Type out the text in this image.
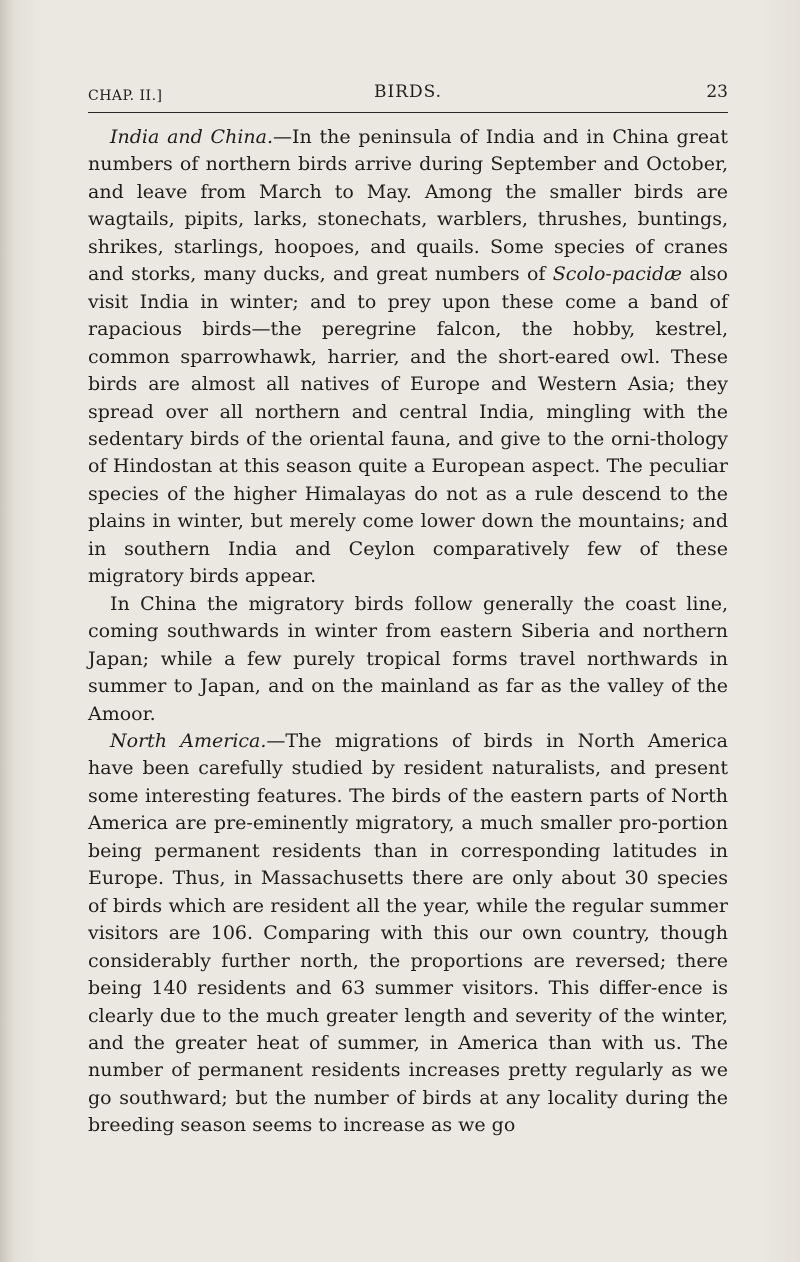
CHAP. II.]	BIRDS.	23

India and China.—In the peninsula of India and in China great numbers of northern birds arrive during September and October, and leave from March to May. Among the smaller birds are wagtails, pipits, larks, stonechats, warblers, thrushes, buntings, shrikes, starlings, hoopoes, and quails. Some species of cranes and storks, many ducks, and great numbers of Scolo-pacidæ also visit India in winter; and to prey upon these come a band of rapacious birds—the peregrine falcon, the hobby, kestrel, common sparrowhawk, harrier, and the short-eared owl. These birds are almost all natives of Europe and Western Asia; they spread over all northern and central India, mingling with the sedentary birds of the oriental fauna, and give to the orni-thology of Hindostan at this season quite a European aspect. The peculiar species of the higher Himalayas do not as a rule descend to the plains in winter, but merely come lower down the mountains; and in southern India and Ceylon comparatively few of these migratory birds appear.

In China the migratory birds follow generally the coast line, coming southwards in winter from eastern Siberia and northern Japan; while a few purely tropical forms travel northwards in summer to Japan, and on the mainland as far as the valley of the Amoor.

North America.—The migrations of birds in North America have been carefully studied by resident naturalists, and present some interesting features. The birds of the eastern parts of North America are pre-eminently migratory, a much smaller pro-portion being permanent residents than in corresponding latitudes in Europe. Thus, in Massachusetts there are only about 30 species of birds which are resident all the year, while the regular summer visitors are 106. Comparing with this our own country, though considerably further north, the proportions are reversed; there being 140 residents and 63 summer visitors. This differ-ence is clearly due to the much greater length and severity of the winter, and the greater heat of summer, in America than with us. The number of permanent residents increases pretty regularly as we go southward; but the number of birds at any locality during the breeding season seems to increase as we go
